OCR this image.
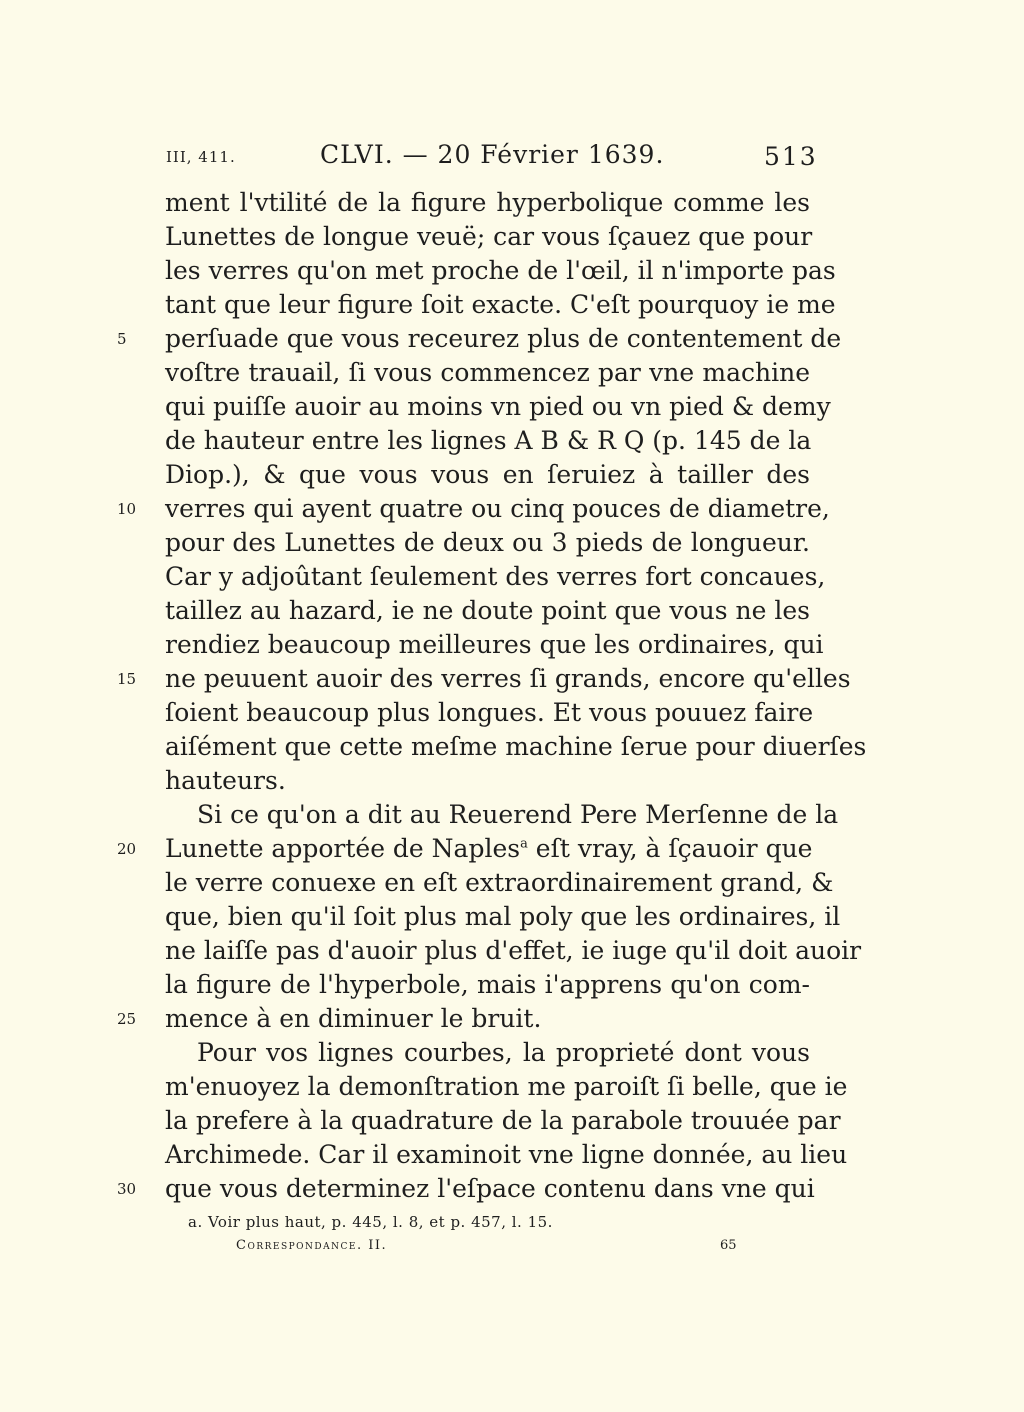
III, 411.	CLVI. — 20 Février 1639.	513
ment l'vtilité de la figure hyperbolique comme les
Lunettes de longue veuë; car vous ſçauez que pour
les verres qu'on met proche de l'œil, il n'importe pas
tant que leur figure ſoit exacte. C'eſt pourquoy ie me
5	perſuade que vous receurez plus de contentement de
voſtre trauail, ſi vous commencez par vne machine
qui puiſſe auoir au moins vn pied ou vn pied & demy
de hauteur entre les lignes A B & R Q (p. 145 de la
Diop.), & que vous vous en ſeruiez à tailler des
10	verres qui ayent quatre ou cinq pouces de diametre,
pour des Lunettes de deux ou 3 pieds de longueur.
Car y adjoûtant ſeulement des verres fort concaues,
taillez au hazard, ie ne doute point que vous ne les
rendiez beaucoup meilleures que les ordinaires, qui
15	ne peuuent auoir des verres ſi grands, encore qu'elles
ſoient beaucoup plus longues. Et vous pouuez faire
aiſément que cette meſme machine ſerue pour diuerſes
hauteurs.
Si ce qu'on a dit au Reuerend Pere Merſenne de la
20	Lunette apportée de Naples$^a$ eſt vray, à ſçauoir que
le verre conuexe en eſt extraordinairement grand, &
que, bien qu'il ſoit plus mal poly que les ordinaires, il
ne laiſſe pas d'auoir plus d'effet, ie iuge qu'il doit auoir
la figure de l'hyperbole, mais i'apprens qu'on com-
25	mence à en diminuer le bruit.
Pour vos lignes courbes, la proprieté dont vous
m'enuoyez la demonſtration me paroiſt ſi belle, que ie
la prefere à la quadrature de la parabole trouuée par
Archimede. Car il examinoit vne ligne donnée, au lieu
30	que vous determinez l'eſpace contenu dans vne qui
a. Voir plus haut, p. 445, l. 8, et p. 457, l. 15.
Correspondance. II.	65
